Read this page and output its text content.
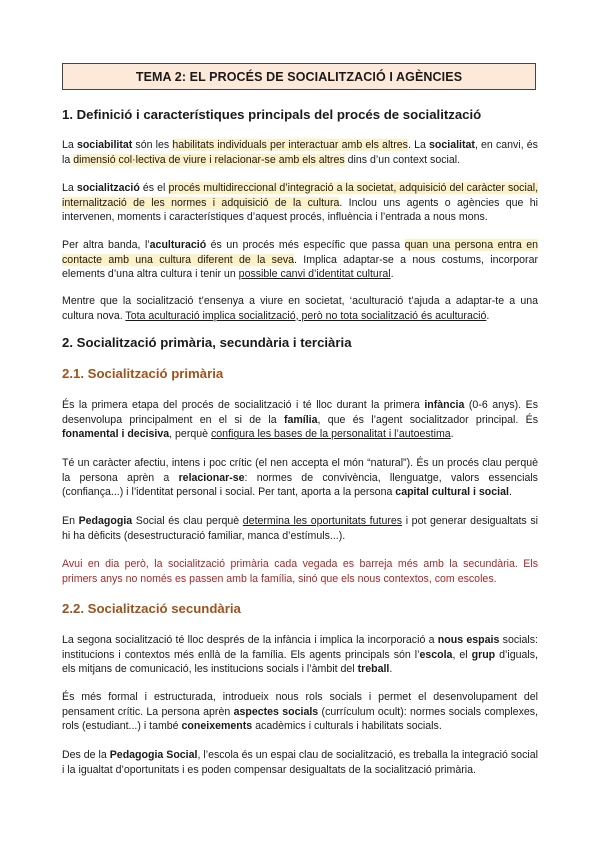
TEMA 2: EL PROCÉS DE SOCIALITZACIÓ I AGÈNCIES
1. Definició i característiques principals del procés de socialització
La sociabilitat són les habilitats individuals per interactuar amb els altres. La socialitat, en canvi, és la dimensió col·lectiva de viure i relacionar-se amb els altres dins d’un context social.
La socialització és el procés multidireccional d’integració a la societat, adquisició del caràcter social, internalització de les normes i adquisició de la cultura. Inclou uns agents o agències que hi intervenen, moments i característiques d’aquest procés, influència i l’entrada a nous mons.
Per altra banda, l’aculturació és un procés més específic que passa quan una persona entra en contacte amb una cultura diferent de la seva. Implica adaptar-se a nous costums, incorporar elements d’una altra cultura i tenir un possible canvi d’identitat cultural.
Mentre que la socialització t’ensenya a viure en societat, ‘aculturació t’ajuda a adaptar-te a una cultura nova. Tota aculturació implica socialització, però no tota socialització és aculturació.
2. Socialització primària, secundària i terciària
2.1. Socialització primària
És la primera etapa del procés de socialització i té lloc durant la primera infància (0-6 anys). Es desenvolupa principalment en el si de la família, que és l’agent socialitzador principal. És fonamental i decisiva, perquè configura les bases de la personalitat i l’autoestima.
Té un caràcter afectiu, intens i poc crític (el nen accepta el món “natural”). És un procés clau perquè la persona aprèn a relacionar-se: normes de convivència, llenguatge, valors essencials (confiança...) i l’identitat personal i social. Per tant, aporta a la persona capital cultural i social.
En Pedagogia Social és clau perquè determina les oportunitats futures i pot generar desigualtats si hi ha dèficits (desestructuració familiar, manca d’estímuls...).
Avui en dia però, la socialització primària cada vegada es barreja més amb la secundària. Els primers anys no només es passen amb la família, sinó que els nous contextos, com escoles.
2.2. Socialització secundària
La segona socialització té lloc després de la infància i implica la incorporació a nous espais socials: institucions i contextos més enllà de la família. Els agents principals són l’escola, el grup d’iguals, els mitjans de comunicació, les institucions socials i l’àmbit del treball.
És més formal i estructurada, introdueix nous rols socials i permet el desenvolupament del pensament crític. La persona aprèn aspectes socials (currículum ocult): normes socials complexes, rols (estudiant...) i també coneixements acadèmics i culturals i habilitats socials.
Des de la Pedagogia Social, l’escola és un espai clau de socialització, es treballa la integració social i la igualtat d’oportunitats i es poden compensar desigualtats de la socialització primària.
